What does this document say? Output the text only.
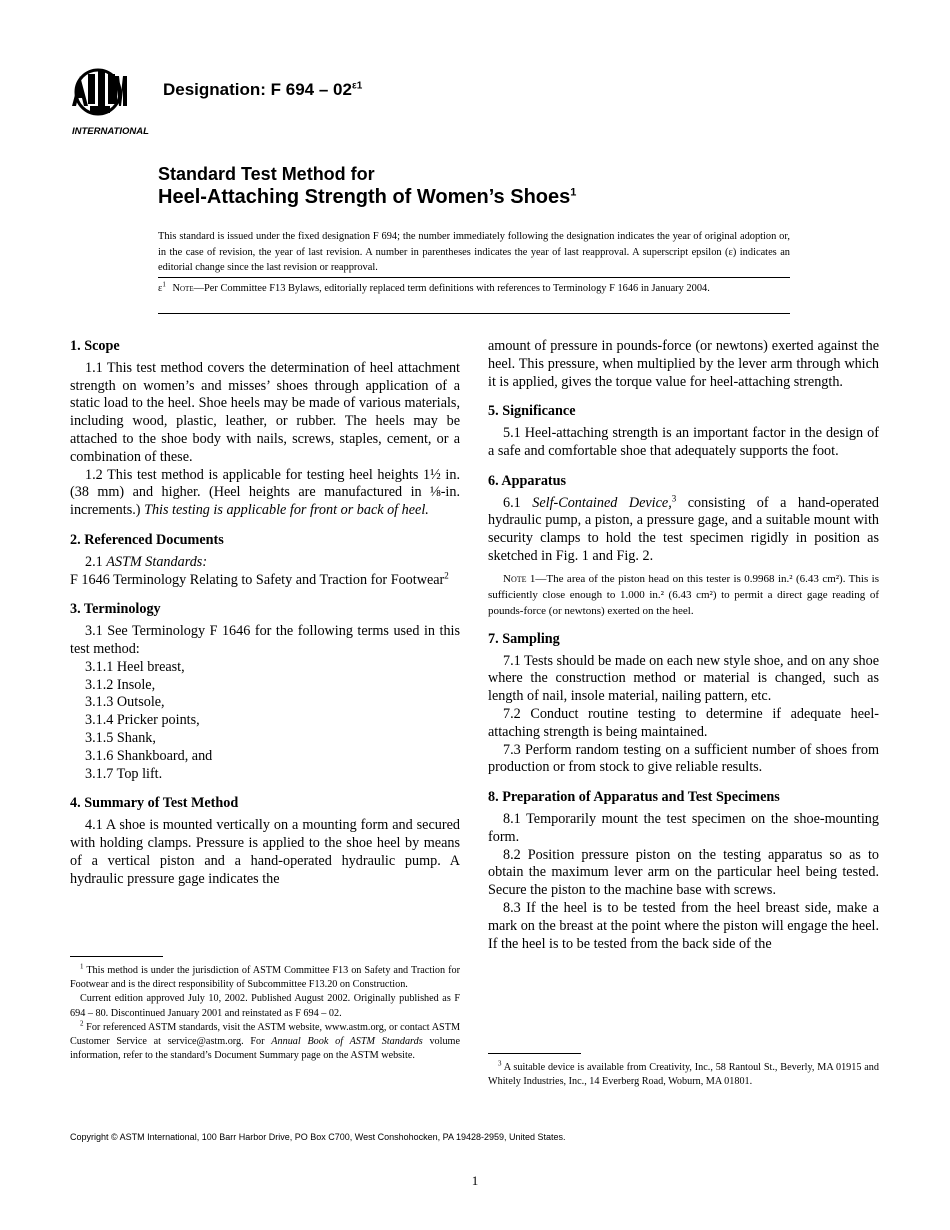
INTERNATIONAL
Designation: F $694 - 02^{\varepsilon 1}$
Standard Test Method for
Heel-Attaching Strength of Women’s Shoes$^1$
This standard is issued under the fixed designation F 694; the number immediately following the designation indicates the year of original adoption or, in the case of revision, the year of last revision. A number in parentheses indicates the year of last reapproval. A superscript epsilon (ε) indicates an editorial change since the last revision or reapproval.
$\varepsilon^1$ Note—Per Committee F13 Bylaws, editorially replaced term definitions with references to Terminology F 1646 in January 2004.
1. Scope

1.1 This test method covers the determination of heel attachment strength on women’s and misses’ shoes through application of a static load to the heel. Shoe heels may be made of various materials, including wood, plastic, leather, or rubber. The heels may be attached to the shoe body with nails, screws, staples, cement, or a combination of these.

1.2 This test method is applicable for testing heel heights 1½ in. (38 mm) and higher. (Heel heights are manufactured in ⅛-in. increments.) This testing is applicable for front or back of heel.

2. Referenced Documents

2.1 ASTM Standards:

F 1646 Terminology Relating to Safety and Traction for Footwear$^2$

3. Terminology

3.1 See Terminology F 1646 for the following terms used in this test method:

3.1.1 Heel breast,

3.1.2 Insole,

3.1.3 Outsole,

3.1.4 Pricker points,

3.1.5 Shank,

3.1.6 Shankboard, and

3.1.7 Top lift.

4. Summary of Test Method

4.1 A shoe is mounted vertically on a mounting form and secured with holding clamps. Pressure is applied to the shoe heel by means of a vertical piston and a hand-operated hydraulic pump. A hydraulic pressure gage indicates the

$^1$ This method is under the jurisdiction of ASTM Committee F13 on Safety and Traction for Footwear and is the direct responsibility of Subcommittee F13.20 on Construction.

Current edition approved July 10, 2002. Published August 2002. Originally published as F 694 – 80. Discontinued January 2001 and reinstated as F 694 – 02.

$^2$ For referenced ASTM standards, visit the ASTM website, www.astm.org, or contact ASTM Customer Service at service@astm.org. For Annual Book of ASTM Standards volume information, refer to the standard’s Document Summary page on the ASTM website.

amount of pressure in pounds-force (or newtons) exerted against the heel. This pressure, when multiplied by the lever arm through which it is applied, gives the torque value for heel-attaching strength.

5. Significance

5.1 Heel-attaching strength is an important factor in the design of a safe and comfortable shoe that adequately supports the foot.

6. Apparatus

6.1 Self-Contained Device,$^3$ consisting of a hand-operated hydraulic pump, a piston, a pressure gage, and a suitable mount with security clamps to hold the test specimen rigidly in position as sketched in Fig. 1 and Fig. 2.

Note 1—The area of the piston head on this tester is 0.9968 in.² (6.43 cm²). This is sufficiently close enough to 1.000 in.² (6.43 cm²) to permit a direct gage reading of pounds-force (or newtons) exerted on the heel.

7. Sampling

7.1 Tests should be made on each new style shoe, and on any shoe where the construction method or material is changed, such as length of nail, insole material, nailing pattern, etc.

7.2 Conduct routine testing to determine if adequate heel-attaching strength is being maintained.

7.3 Perform random testing on a sufficient number of shoes from production or from stock to give reliable results.

8. Preparation of Apparatus and Test Specimens

8.1 Temporarily mount the test specimen on the shoe-mounting form.

8.2 Position pressure piston on the testing apparatus so as to obtain the maximum lever arm on the particular heel being tested. Secure the piston to the machine base with screws.

8.3 If the heel is to be tested from the heel breast side, make a mark on the breast at the point where the piston will engage the heel. If the heel is to be tested from the back side of the

$^3$ A suitable device is available from Creativity, Inc., 58 Rantoul St., Beverly, MA 01915 and Whitely Industries, Inc., 14 Everberg Road, Woburn, MA 01801.

Copyright © ASTM International, 100 Barr Harbor Drive, PO Box C700, West Conshohocken, PA 19428-2959, United States.
1
